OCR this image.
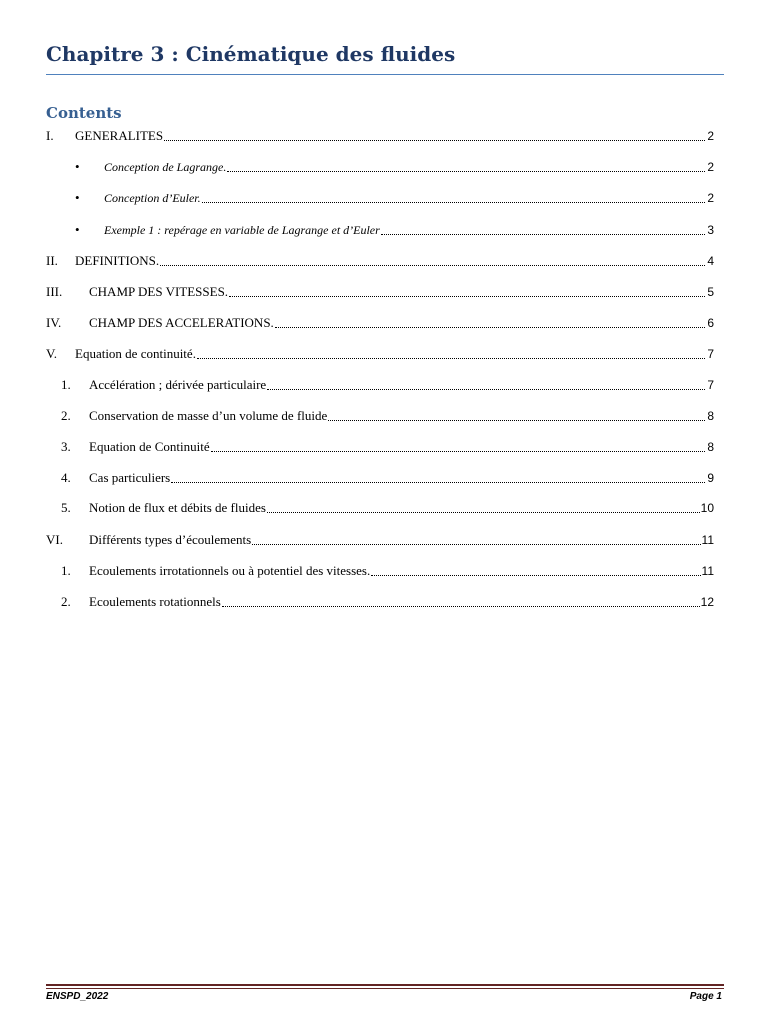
Chapitre 3 : Cinématique des fluides
Contents
I. GENERALITES	2
• Conception de Lagrange.	2
• Conception d’Euler.	2
• Exemple 1 : repérage en variable de Lagrange et d’Euler	3
II. DEFINITIONS.	4
III. CHAMP DES VITESSES.	5
IV. CHAMP DES ACCELERATIONS.	6
V. Equation de continuité.	7
1. Accélération ; dérivée particulaire	7
2. Conservation de masse d’un volume de fluide	8
3. Equation de Continuité	8
4. Cas particuliers	9
5. Notion de flux et débits de fluides	10
VI. Différents types d’écoulements	11
1. Ecoulements irrotationnels ou à potentiel des vitesses.	11
2. Ecoulements rotationnels	12
ENSPD_2022	Page 1
